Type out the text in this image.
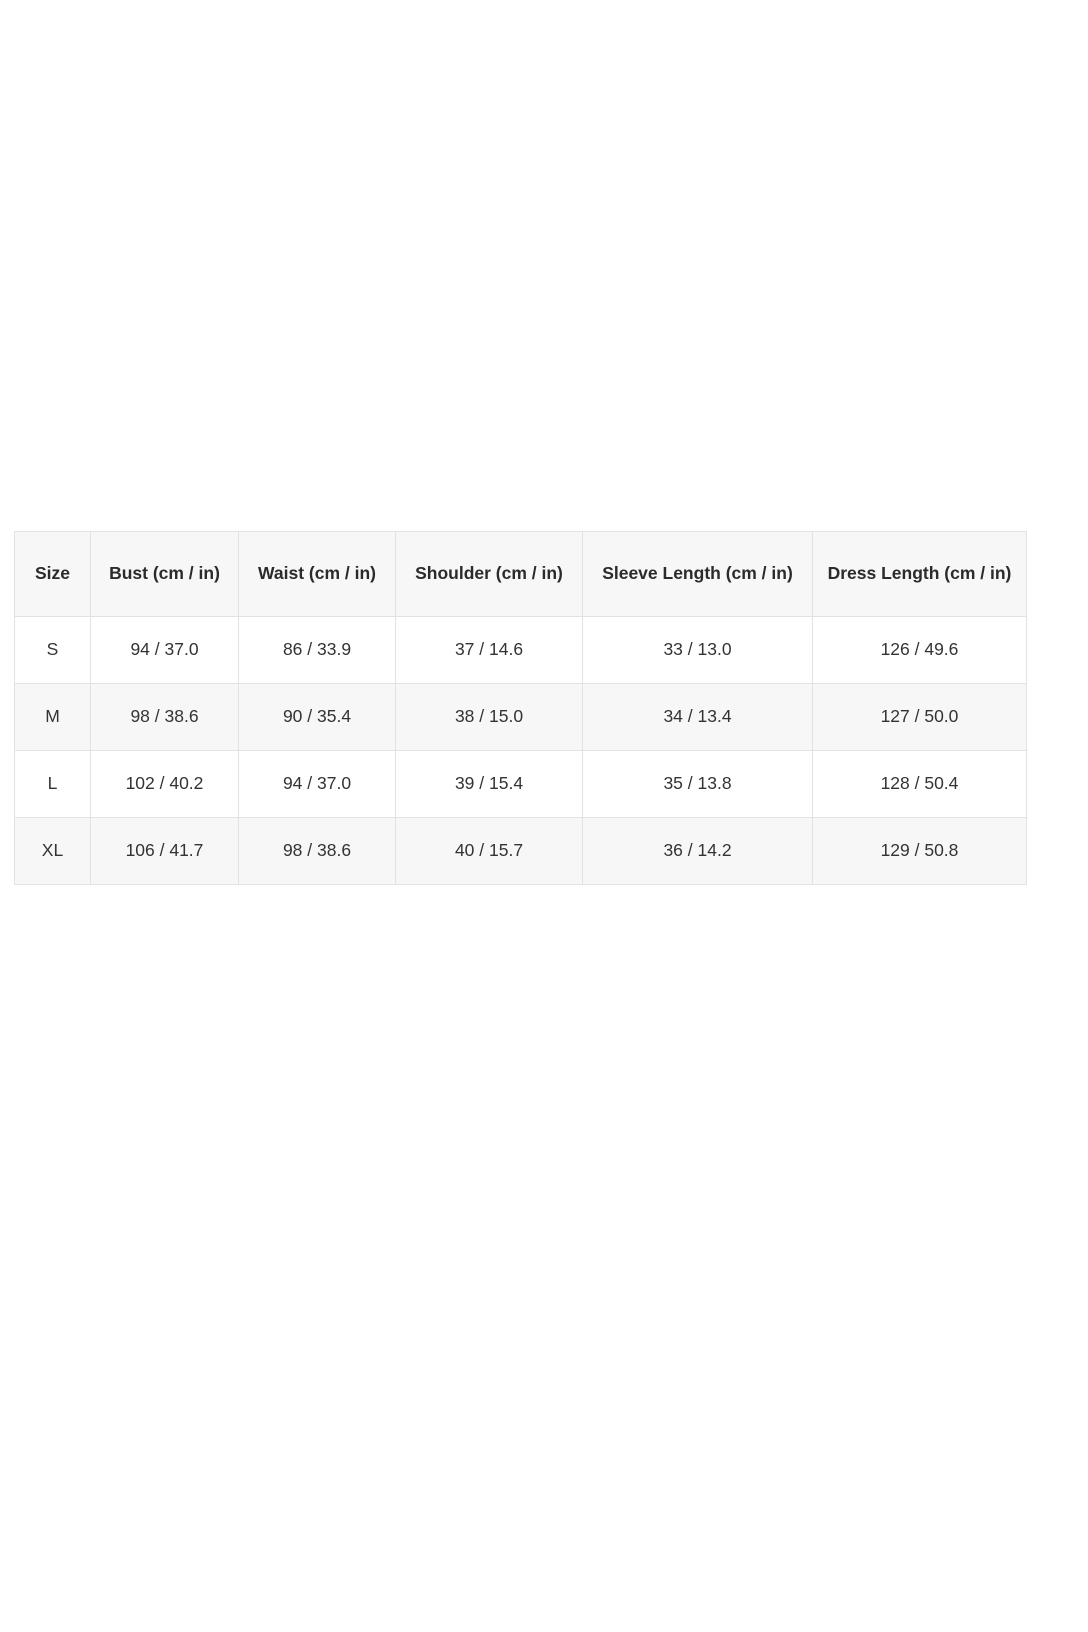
Size	Bust (cm / in)	Waist (cm / in)	Shoulder (cm / in)	Sleeve Length (cm / in)	Dress Length (cm / in)
S	94 / 37.0	86 / 33.9	37 / 14.6	33 / 13.0	126 / 49.6
M	98 / 38.6	90 / 35.4	38 / 15.0	34 / 13.4	127 / 50.0
L	102 / 40.2	94 / 37.0	39 / 15.4	35 / 13.8	128 / 50.4
XL	106 / 41.7	98 / 38.6	40 / 15.7	36 / 14.2	129 / 50.8
